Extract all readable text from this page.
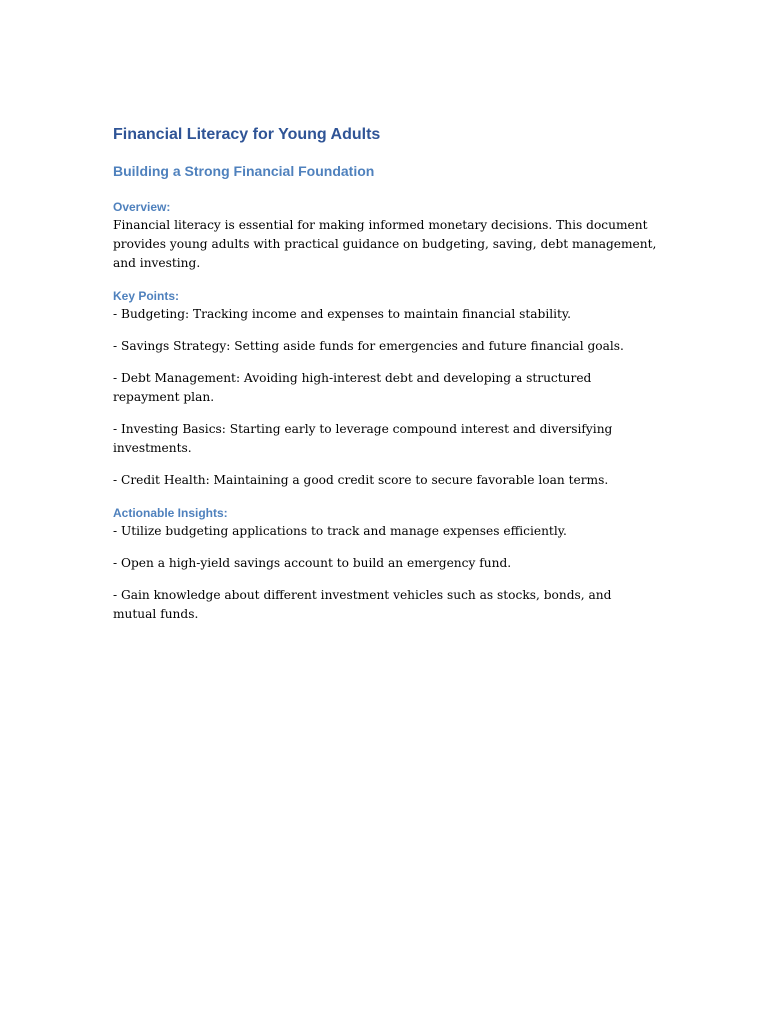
Financial Literacy for Young Adults
Building a Strong Financial Foundation
Overview:

Financial literacy is essential for making informed monetary decisions. This document provides young adults with practical guidance on budgeting, saving, debt management, and investing.

Key Points:
- Budgeting: Tracking income and expenses to maintain financial stability.
- Savings Strategy: Setting aside funds for emergencies and future financial goals.
- Debt Management: Avoiding high-interest debt and developing a structured repayment plan.
- Investing Basics: Starting early to leverage compound interest and diversifying investments.
- Credit Health: Maintaining a good credit score to secure favorable loan terms.
Actionable Insights:
- Utilize budgeting applications to track and manage expenses efficiently.
- Open a high-yield savings account to build an emergency fund.
- Gain knowledge about different investment vehicles such as stocks, bonds, and mutual funds.
